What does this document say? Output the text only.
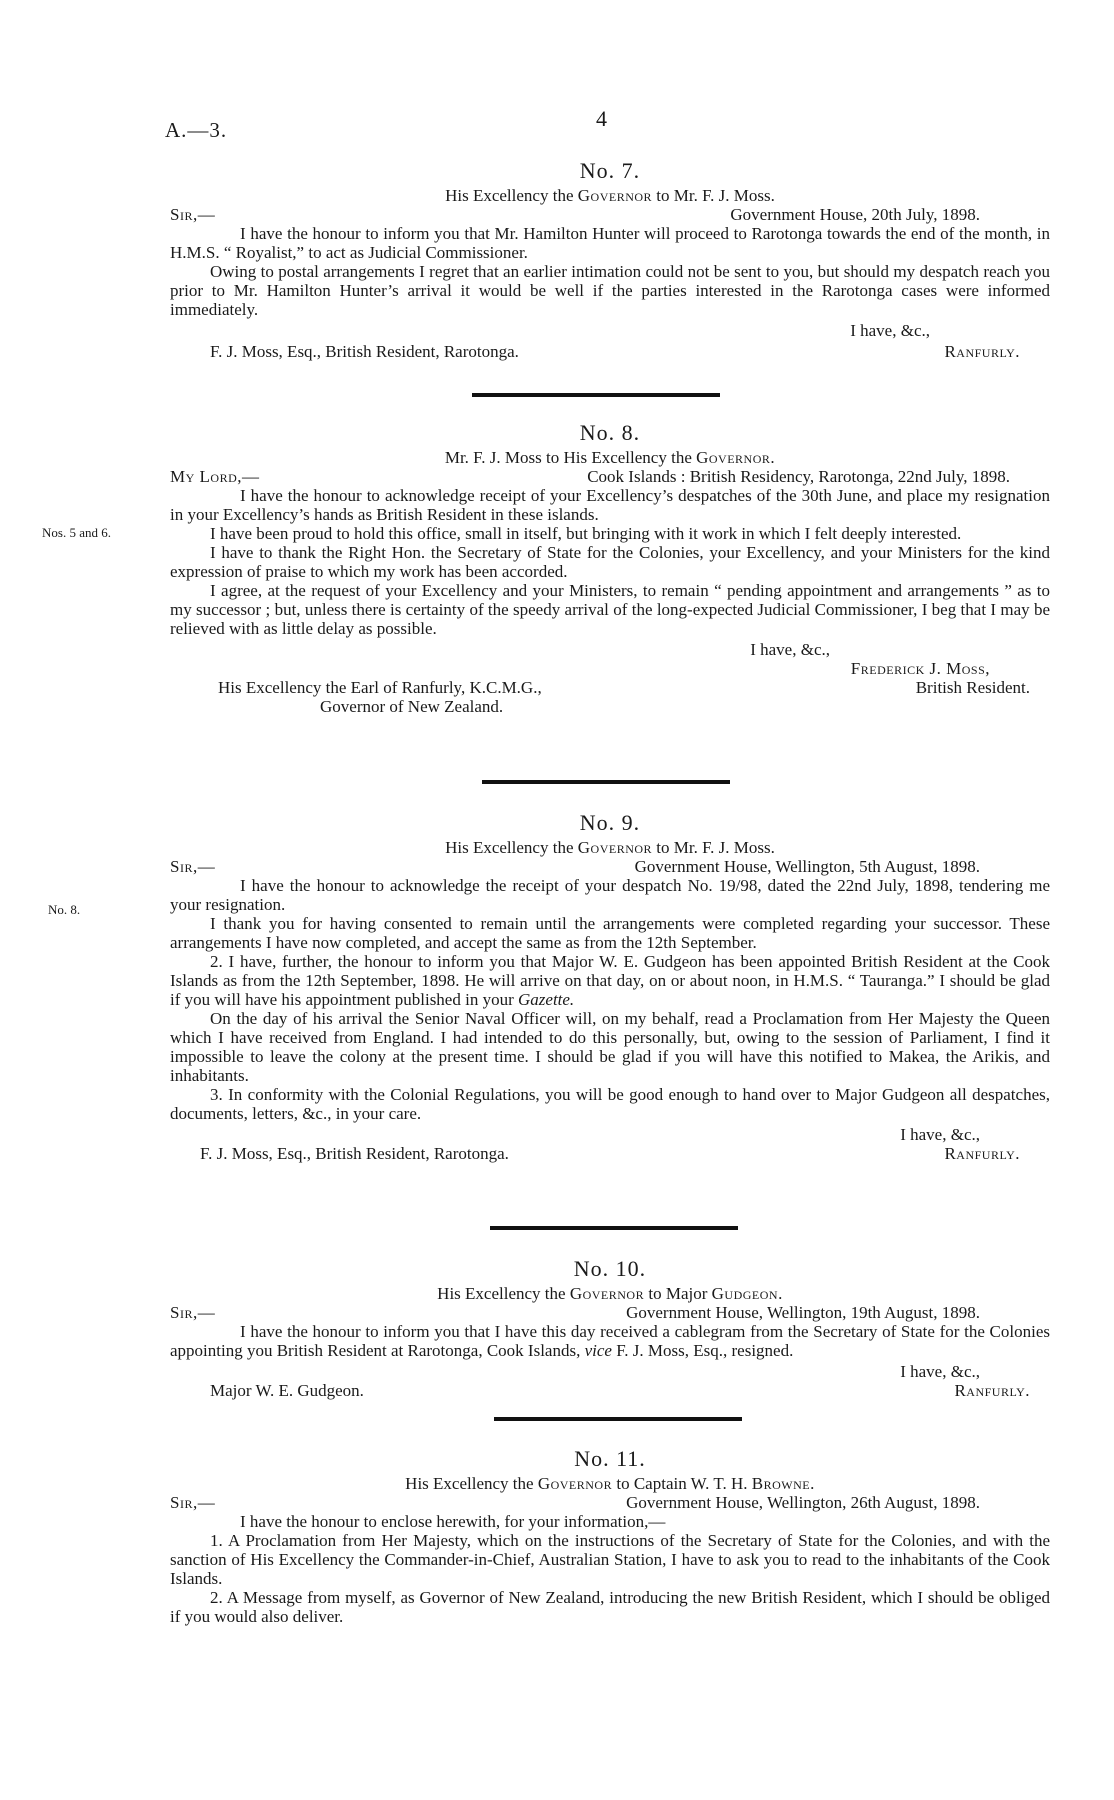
A.—3.	4
No. 7.
His Excellency the Governor to Mr. F. J. Moss.
Sir,—	Government House, 20th July, 1898.

I have the honour to inform you that Mr. Hamilton Hunter will proceed to Rarotonga towards the end of the month, in H.M.S. “ Royalist,” to act as Judicial Commissioner.

Owing to postal arrangements I regret that an earlier intimation could not be sent to you, but should my despatch reach you prior to Mr. Hamilton Hunter’s arrival it would be well if the parties interested in the Rarotonga cases were informed immediately.

I have, &c.,

F. J. Moss, Esq., British Resident, Rarotonga.	Ranfurly.
Nos. 5 and 6.
No. 8.
Mr. F. J. Moss to His Excellency the Governor.
My Lord,—	Cook Islands : British Residency, Rarotonga, 22nd July, 1898.

I have the honour to acknowledge receipt of your Excellency’s despatches of the 30th June, and place my resignation in your Excellency’s hands as British Resident in these islands.

I have been proud to hold this office, small in itself, but bringing with it work in which I felt deeply interested.

I have to thank the Right Hon. the Secretary of State for the Colonies, your Excellency, and your Ministers for the kind expression of praise to which my work has been accorded.

I agree, at the request of your Excellency and your Ministers, to remain “ pending appointment and arrangements ” as to my successor ; but, unless there is certainty of the speedy arrival of the long-expected Judicial Commissioner, I beg that I may be relieved with as little delay as possible.

I have, &c.,

Frederick J. Moss,

His Excellency the Earl of Ranfurly, K.C.M.G.,	British Resident.

Governor of New Zealand.

No. 8.
No. 9.
His Excellency the Governor to Mr. F. J. Moss.
Sir,—	Government House, Wellington, 5th August, 1898.

I have the honour to acknowledge the receipt of your despatch No. 19/98, dated the 22nd July, 1898, tendering me your resignation.

I thank you for having consented to remain until the arrangements were completed regarding your successor. These arrangements I have now completed, and accept the same as from the 12th September.

2. I have, further, the honour to inform you that Major W. E. Gudgeon has been appointed British Resident at the Cook Islands as from the 12th September, 1898. He will arrive on that day, on or about noon, in H.M.S. “ Tauranga.” I should be glad if you will have his appointment published in your Gazette.

On the day of his arrival the Senior Naval Officer will, on my behalf, read a Proclamation from Her Majesty the Queen which I have received from England. I had intended to do this personally, but, owing to the session of Parliament, I find it impossible to leave the colony at the present time. I should be glad if you will have this notified to Makea, the Arikis, and inhabitants.

3. In conformity with the Colonial Regulations, you will be good enough to hand over to Major Gudgeon all despatches, documents, letters, &c., in your care.

I have, &c.,

F. J. Moss, Esq., British Resident, Rarotonga.	Ranfurly.
No. 10.
His Excellency the Governor to Major Gudgeon.
Sir,—	Government House, Wellington, 19th August, 1898.

I have the honour to inform you that I have this day received a cablegram from the Secretary of State for the Colonies appointing you British Resident at Rarotonga, Cook Islands, vice F. J. Moss, Esq., resigned.

I have, &c.,

Major W. E. Gudgeon.	Ranfurly.
No. 11.
His Excellency the Governor to Captain W. T. H. Browne.
Sir,—	Government House, Wellington, 26th August, 1898.

I have the honour to enclose herewith, for your information,—

1. A Proclamation from Her Majesty, which on the instructions of the Secretary of State for the Colonies, and with the sanction of His Excellency the Commander-in-Chief, Australian Station, I have to ask you to read to the inhabitants of the Cook Islands.

2. A Message from myself, as Governor of New Zealand, introducing the new British Resident, which I should be obliged if you would also deliver.
